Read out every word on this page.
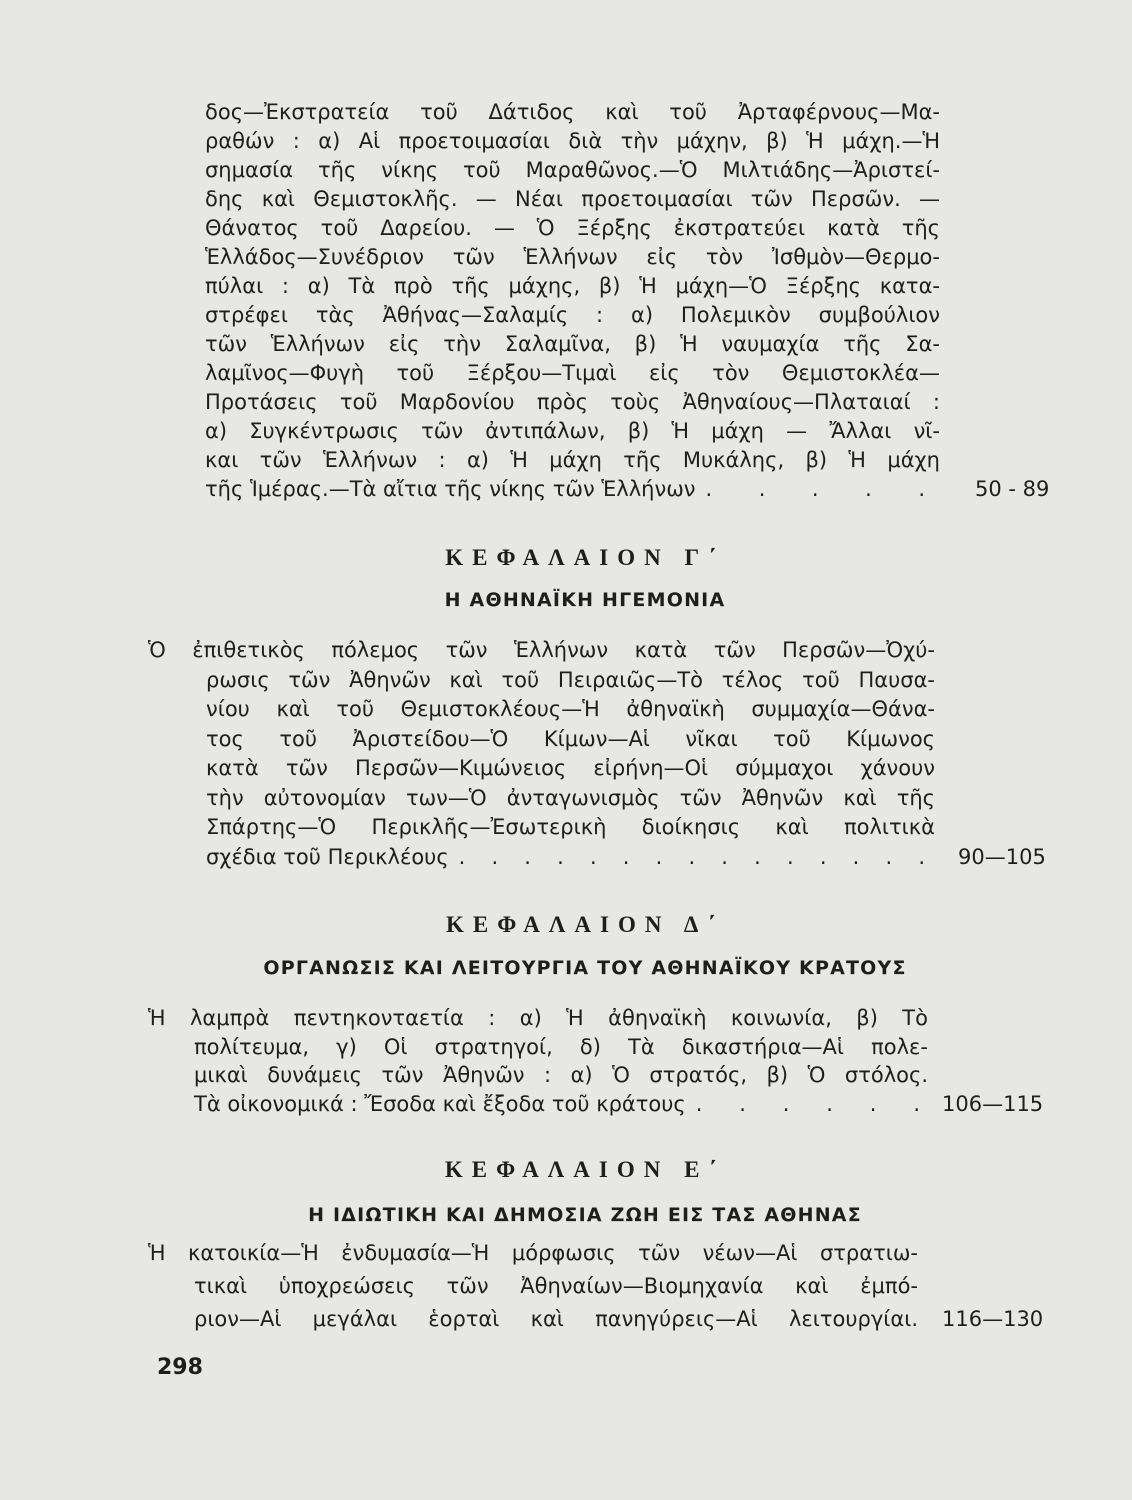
δος—Ἐκστρατεία τοῦ Δάτιδος καὶ τοῦ Ἀρταφέρνους—Μα-
ραθών : α) Αἱ προετοιμασίαι διὰ τὴν μάχην, β) Ἡ μάχη.—Ἡ
σημασία τῆς νίκης τοῦ Μαραθῶνος.—Ὁ Μιλτιάδης—Ἀριστεί-
δης καὶ Θεμιστοκλῆς. — Νέαι προετοιμασίαι τῶν Περσῶν. —
Θάνατος τοῦ Δαρείου. — Ὁ Ξέρξης ἐκστρατεύει κατὰ τῆς
Ἑλλάδος—Συνέδριον τῶν Ἑλλήνων εἰς τὸν Ἰσθμὸν—Θερμο-
πύλαι : α) Τὰ πρὸ τῆς μάχης, β) Ἡ μάχη—Ὁ Ξέρξης κατα-
στρέφει τὰς Ἀθήνας—Σαλαμίς : α) Πολεμικὸν συμβούλιον
τῶν Ἑλλήνων εἰς τὴν Σαλαμῖνα, β) Ἡ ναυμαχία τῆς Σα-
λαμῖνος—Φυγὴ τοῦ Ξέρξου—Τιμαὶ εἰς τὸν Θεμιστοκλέα—
Προτάσεις τοῦ Μαρδονίου πρὸς τοὺς Ἀθηναίους—Πλαταιαί :
α) Συγκέντρωσις τῶν ἀντιπάλων, β) Ἡ μάχη — Ἄλλαι νῖ-
και τῶν Ἑλλήνων : α) Ἡ μάχη τῆς Μυκάλης, β) Ἡ μάχη
τῆς Ἱμέρας.—Τὰ αἴτια τῆς νίκης τῶν Ἑλλήνων . . . . . 50 - 89
ΚΕΦΑΛΑΙΟΝ Γ΄
Η ΑΘΗΝΑΪΚΗ ΗΓΕΜΟΝΙΑ
Ὁ ἐπιθετικὸς πόλεμος τῶν Ἑλλήνων κατὰ τῶν Περσῶν—Ὀχύ-
ρωσις τῶν Ἀθηνῶν καὶ τοῦ Πειραιῶς—Τὸ τέλος τοῦ Παυσα-
νίου καὶ τοῦ Θεμιστοκλέους—Ἡ ἀθηναϊκὴ συμμαχία—Θάνα-
τος τοῦ Ἀριστείδου—Ὁ Κίμων—Αἱ νῖκαι τοῦ Κίμωνος
κατὰ τῶν Περσῶν—Κιμώνειος εἰρήνη—Οἱ σύμμαχοι χάνουν
τὴν αὐτονομίαν των—Ὁ ἀνταγωνισμὸς τῶν Ἀθηνῶν καὶ τῆς
Σπάρτης—Ὁ Περικλῆς—Ἐσωτερικὴ διοίκησις καὶ πολιτικὰ
σχέδια τοῦ Περικλέους . . . . . . . . . . . . . . . 90—105
ΚΕΦΑΛΑΙΟΝ Δ΄
ΟΡΓΑΝΩΣΙΣ ΚΑΙ ΛΕΙΤΟΥΡΓΙΑ ΤΟΥ ΑΘΗΝΑΪΚΟΥ ΚΡΑΤΟΥΣ
Ἡ λαμπρὰ πεντηκονταετία : α) Ἡ ἀθηναϊκὴ κοινωνία, β) Τὸ
πολίτευμα, γ) Οἱ στρατηγοί, δ) Τὰ δικαστήρια—Αἱ πολε-
μικαὶ δυνάμεις τῶν Ἀθηνῶν : α) Ὁ στρατός, β) Ὁ στόλος.
Τὰ οἰκονομικά : Ἔσοδα καὶ ἔξοδα τοῦ κράτους . . . . . . 106—115
ΚΕΦΑΛΑΙΟΝ Ε΄
Η ΙΔΙΩΤΙΚΗ ΚΑΙ ΔΗΜΟΣΙΑ ΖΩΗ ΕΙΣ ΤΑΣ ΑΘΗΝΑΣ
Ἡ κατοικία—Ἡ ἐνδυμασία—Ἡ μόρφωσις τῶν νέων—Αἱ στρατιω-
τικαὶ ὑποχρεώσεις τῶν Ἀθηναίων—Βιομηχανία καὶ ἐμπό-
ριον—Αἱ μεγάλαι ἑορταὶ καὶ πανηγύρεις—Αἱ λειτουργίαι. 116—130
298
